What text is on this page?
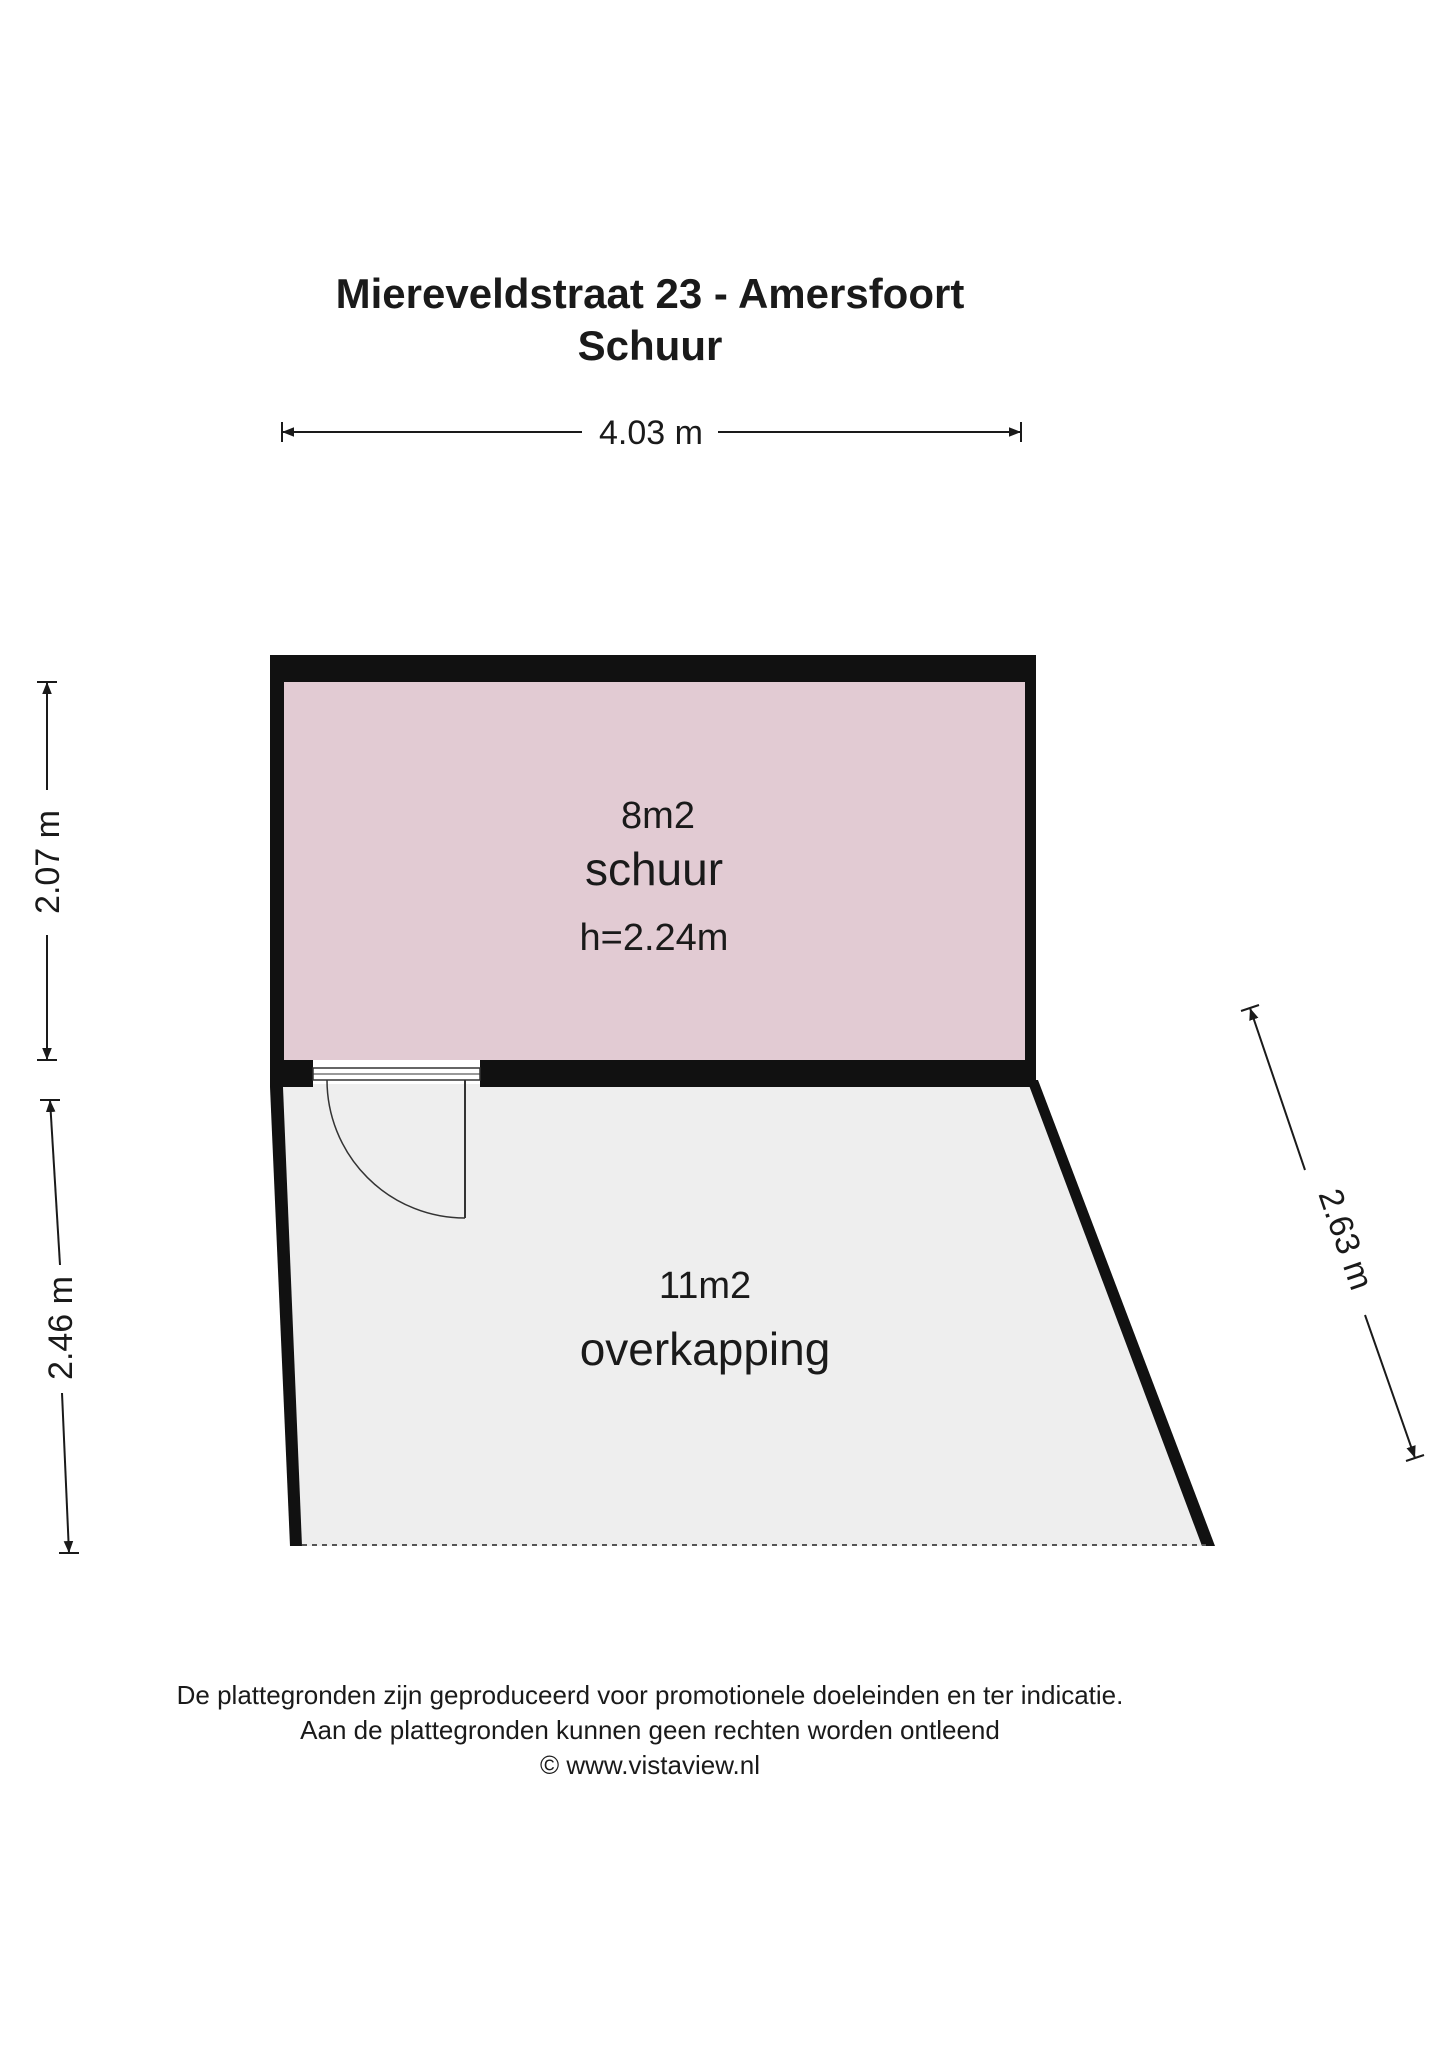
Miereveldstraat 23 - Amersfoort
Schuur
4.03 m
2.07 m
2.46 m
2.63 m
8m2
schuur
h=2.24m
11m2
overkapping
De plattegronden zijn geproduceerd voor promotionele doeleinden en ter indicatie.
Aan de plattegronden kunnen geen rechten worden ontleend
© www.vistaview.nl
